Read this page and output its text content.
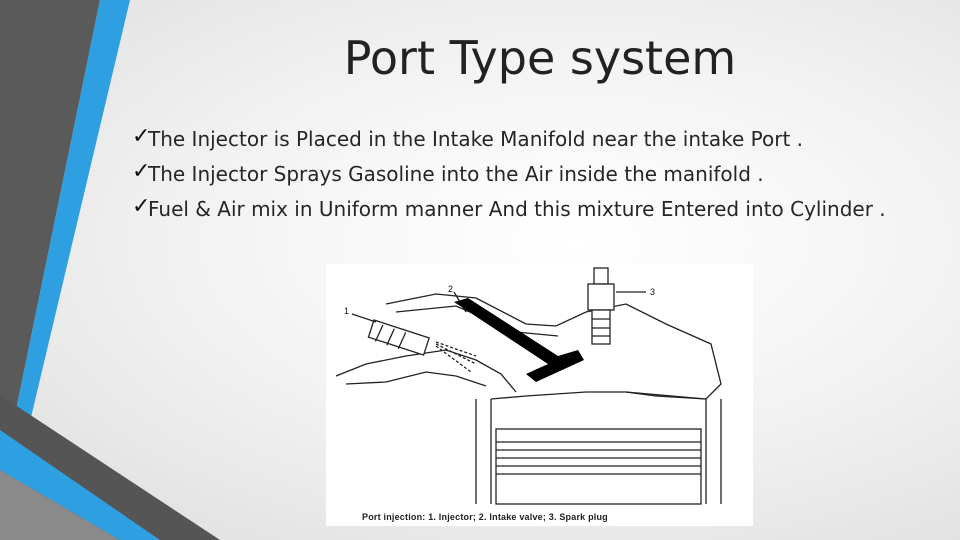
Port Type system
✓
The Injector is Placed in the Intake Manifold near the intake Port .
✓
The Injector Sprays Gasoline into the Air inside the manifold .
✓
Fuel & Air mix in Uniform manner And this mixture Entered into Cylinder .
1
2	3
Port injection: 1. Injector; 2. Intake valve; 3. Spark plug
